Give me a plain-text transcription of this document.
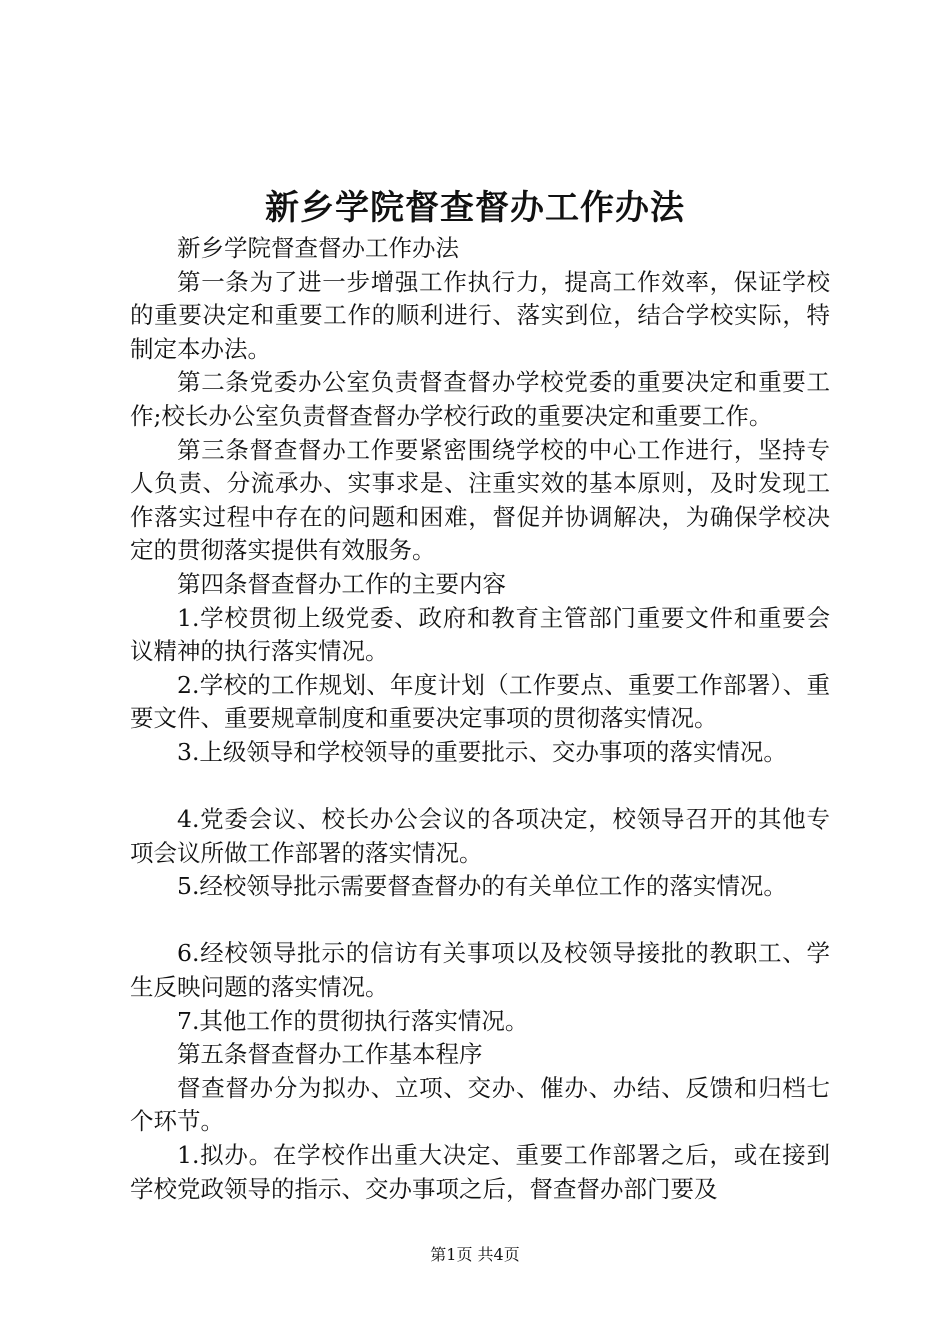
新乡学院督查督办工作办法

新乡学院督查督办工作办法

第一条为了进一步增强工作执行力，提高工作效率，保证学校的重要决定和重要工作的顺利进行、落实到位，结合学校实际，特制定本办法。

第二条党委办公室负责督查督办学校党委的重要决定和重要工作;校长办公室负责督查督办学校行政的重要决定和重要工作。

第三条督查督办工作要紧密围绕学校的中心工作进行，坚持专人负责、分流承办、实事求是、注重实效的基本原则，及时发现工作落实过程中存在的问题和困难，督促并协调解决，为确保学校决定的贯彻落实提供有效服务。

第四条督查督办工作的主要内容

1.学校贯彻上级党委、政府和教育主管部门重要文件和重要会议精神的执行落实情况。

2.学校的工作规划、年度计划（工作要点、重要工作部署）、重要文件、重要规章制度和重要决定事项的贯彻落实情况。

3.上级领导和学校领导的重要批示、交办事项的落实情况。

4.党委会议、校长办公会议的各项决定，校领导召开的其他专项会议所做工作部署的落实情况。

5.经校领导批示需要督查督办的有关单位工作的落实情况。

6.经校领导批示的信访有关事项以及校领导接批的教职工、学生反映问题的落实情况。

7.其他工作的贯彻执行落实情况。

第五条督查督办工作基本程序

督查督办分为拟办、立项、交办、催办、办结、反馈和归档七个环节。

1.拟办。在学校作出重大决定、重要工作部署之后，或在接到学校党政领导的指示、交办事项之后，督查督办部门要及

第1页 共4页
